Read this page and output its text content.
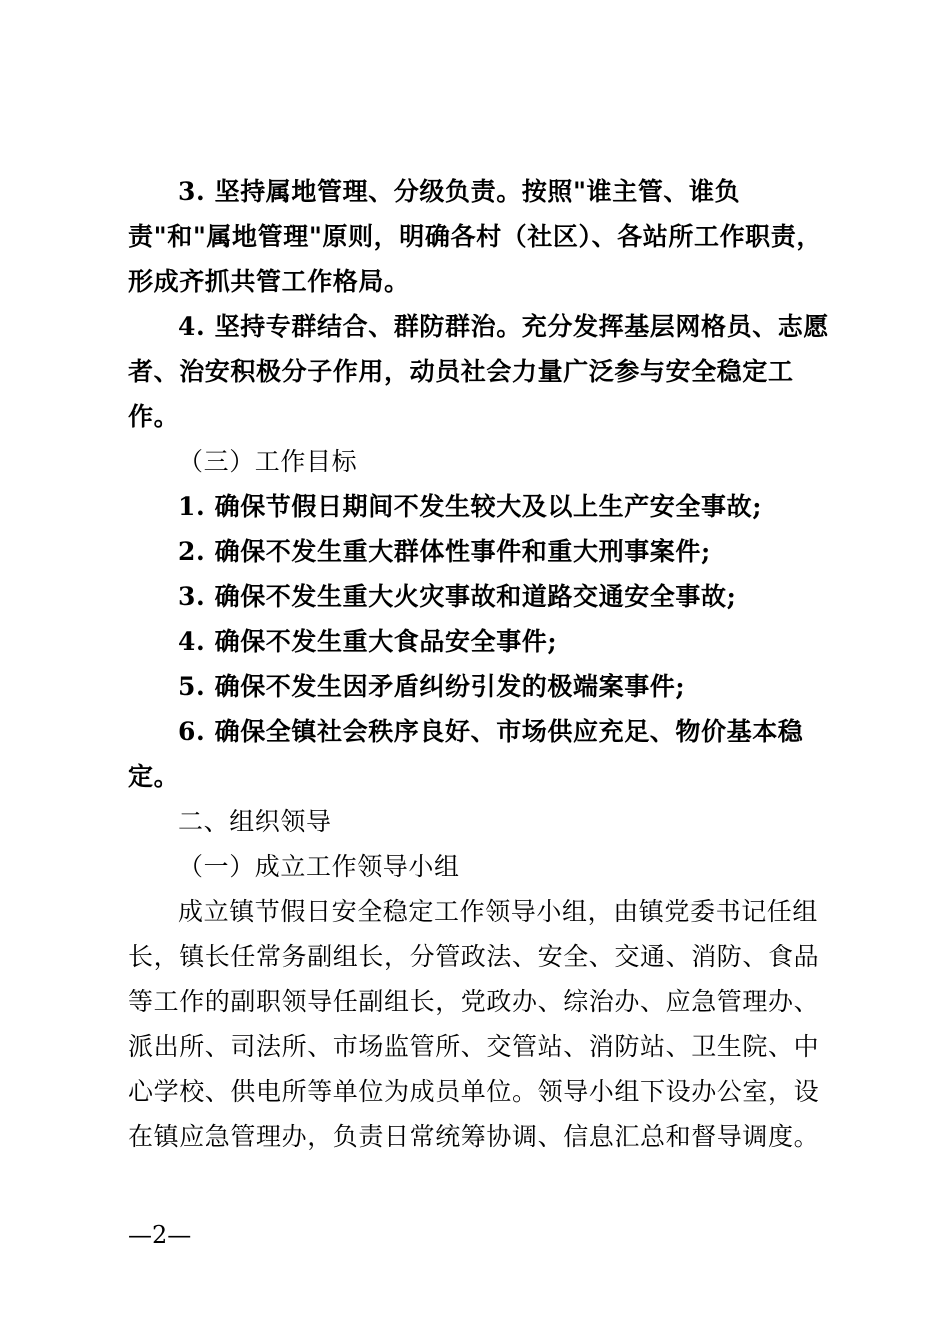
3. 坚持属地管理、分级负责。按照"谁主管、谁负
责"和"属地管理"原则，明确各村（社区）、各站所工作职责，
形成齐抓共管工作格局。
4. 坚持专群结合、群防群治。充分发挥基层网格员、志愿
者、治安积极分子作用，动员社会力量广泛参与安全稳定工
作。
（三）工作目标
1. 确保节假日期间不发生较大及以上生产安全事故;
2. 确保不发生重大群体性事件和重大刑事案件;
3. 确保不发生重大火灾事故和道路交通安全事故;
4. 确保不发生重大食品安全事件;
5. 确保不发生因矛盾纠纷引发的极端案事件;
6. 确保全镇社会秩序良好、市场供应充足、物价基本稳
定。
二、组织领导
（一）成立工作领导小组
成立镇节假日安全稳定工作领导小组，由镇党委书记任组
长，镇长任常务副组长，分管政法、安全、交通、消防、食品
等工作的副职领导任副组长，党政办、综治办、应急管理办、
派出所、司法所、市场监管所、交管站、消防站、卫生院、中
心学校、供电所等单位为成员单位。领导小组下设办公室，设
在镇应急管理办，负责日常统筹协调、信息汇总和督导调度。
—2—
